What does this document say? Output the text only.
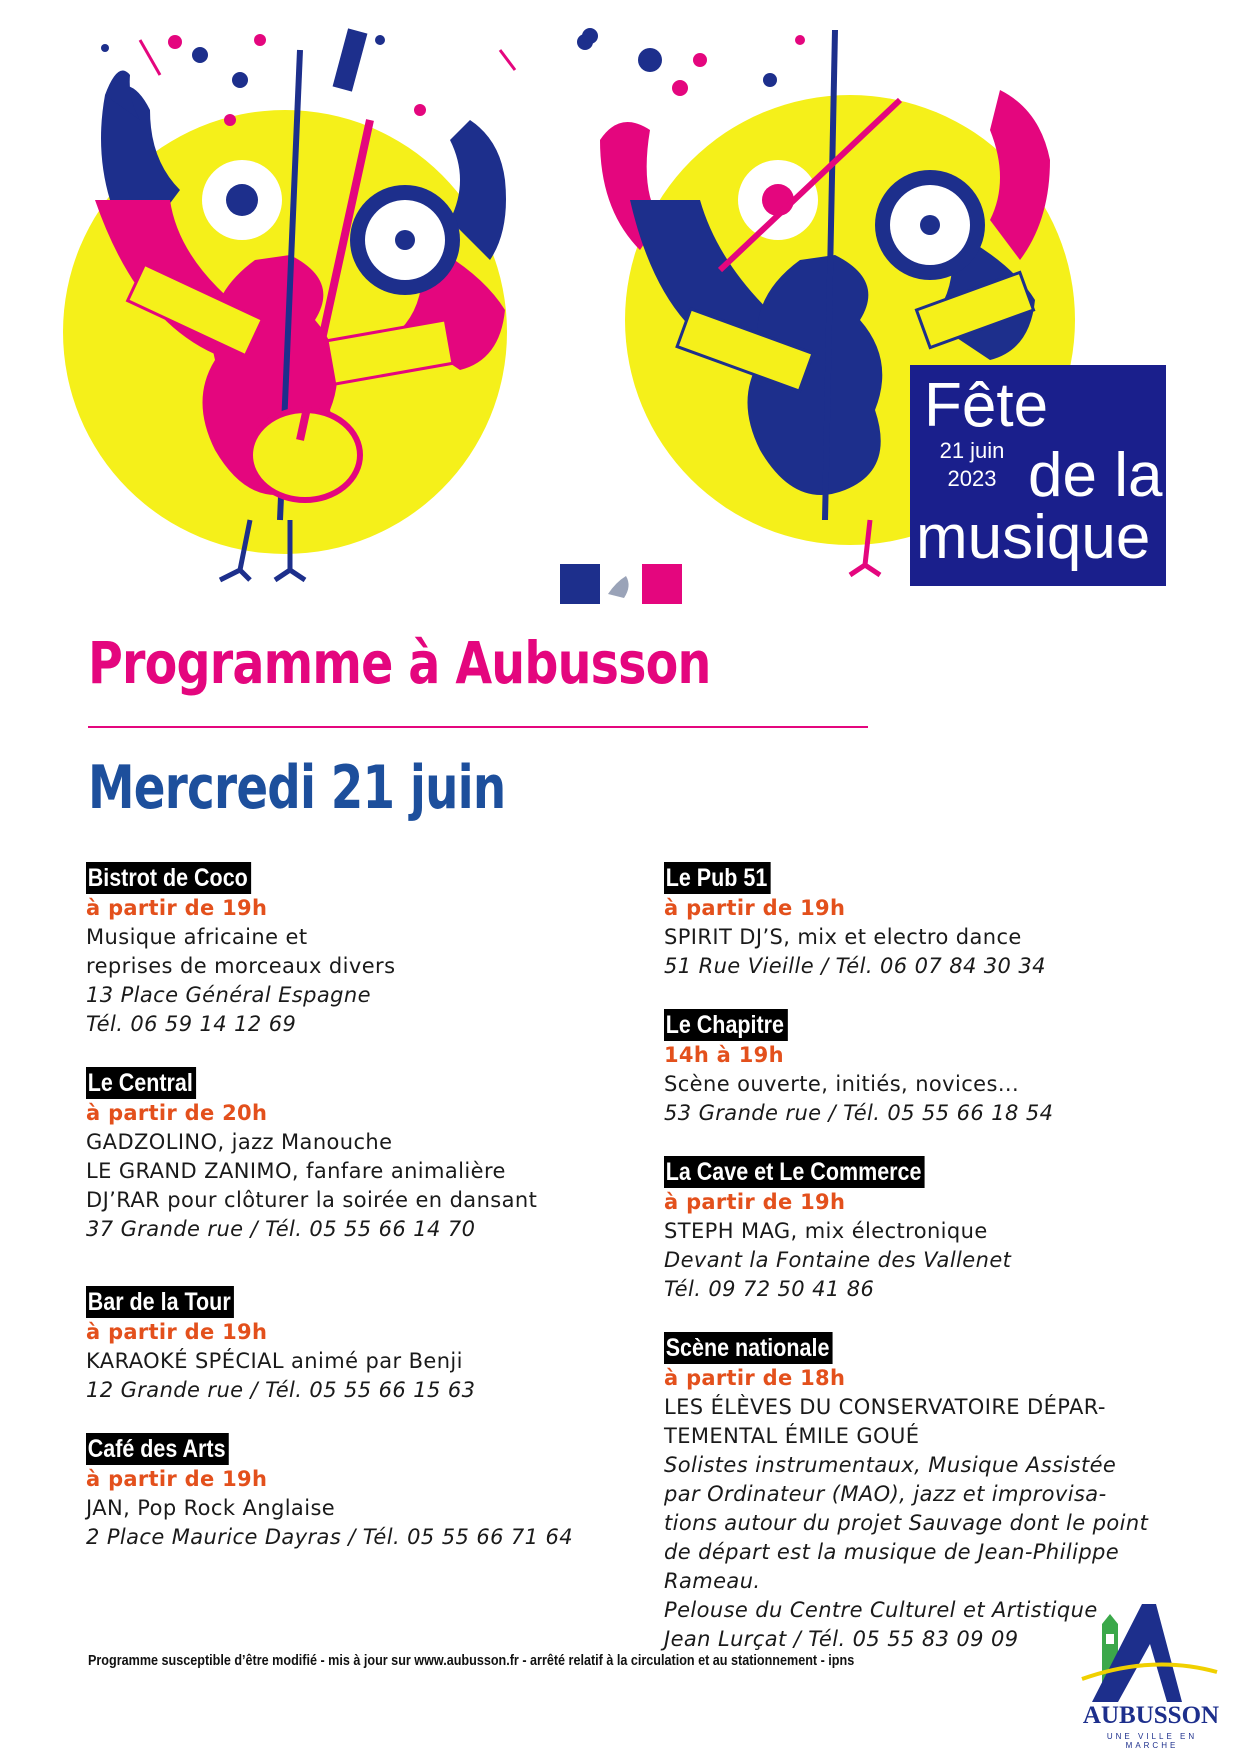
Fête
21 juin
2023 de la
musique
Programme à Aubusson
Mercredi 21 juin
Bistrot de Coco
à partir de 19h
Musique africaine et
reprises de morceaux divers
13 Place Général Espagne
Tél. 06 59 14 12 69
Le Central
à partir de 20h
GADZOLINO, jazz Manouche
LE GRAND ZANIMO, fanfare animalière
DJ’RAR pour clôturer la soirée en dansant
37 Grande rue / Tél. 05 55 66 14 70
Bar de la Tour
à partir de 19h
KARAOKÉ SPÉCIAL animé par Benji
12 Grande rue / Tél. 05 55 66 15 63
Café des Arts
à partir de 19h
JAN, Pop Rock Anglaise
2 Place Maurice Dayras / Tél. 05 55 66 71 64
Le Pub 51
à partir de 19h
SPIRIT DJ’S, mix et electro dance
51 Rue Vieille / Tél. 06 07 84 30 34
Le Chapitre
14h à 19h
Scène ouverte, initiés, novices...
53 Grande rue / Tél. 05 55 66 18 54
La Cave et Le Commerce
à partir de 19h
STEPH MAG, mix électronique
Devant la Fontaine des Vallenet
Tél. 09 72 50 41 86
Scène nationale
à partir de 18h
LES ÉLÈVES DU CONSERVATOIRE DÉPAR-
TEMENTAL ÉMILE GOUÉ
Solistes instrumentaux, Musique Assistée
par Ordinateur (MAO), jazz et improvisa-
tions autour du projet Sauvage dont le point
de départ est la musique de Jean-Philippe
Rameau.
Pelouse du Centre Culturel et Artistique
Jean Lurçat / Tél. 05 55 83 09 09
Programme susceptible d’être modifié - mis à jour sur www.aubusson.fr - arrêté relatif à la circulation et au stationnement - ipns
AUBUSSON
UNE VILLE EN MARCHE
